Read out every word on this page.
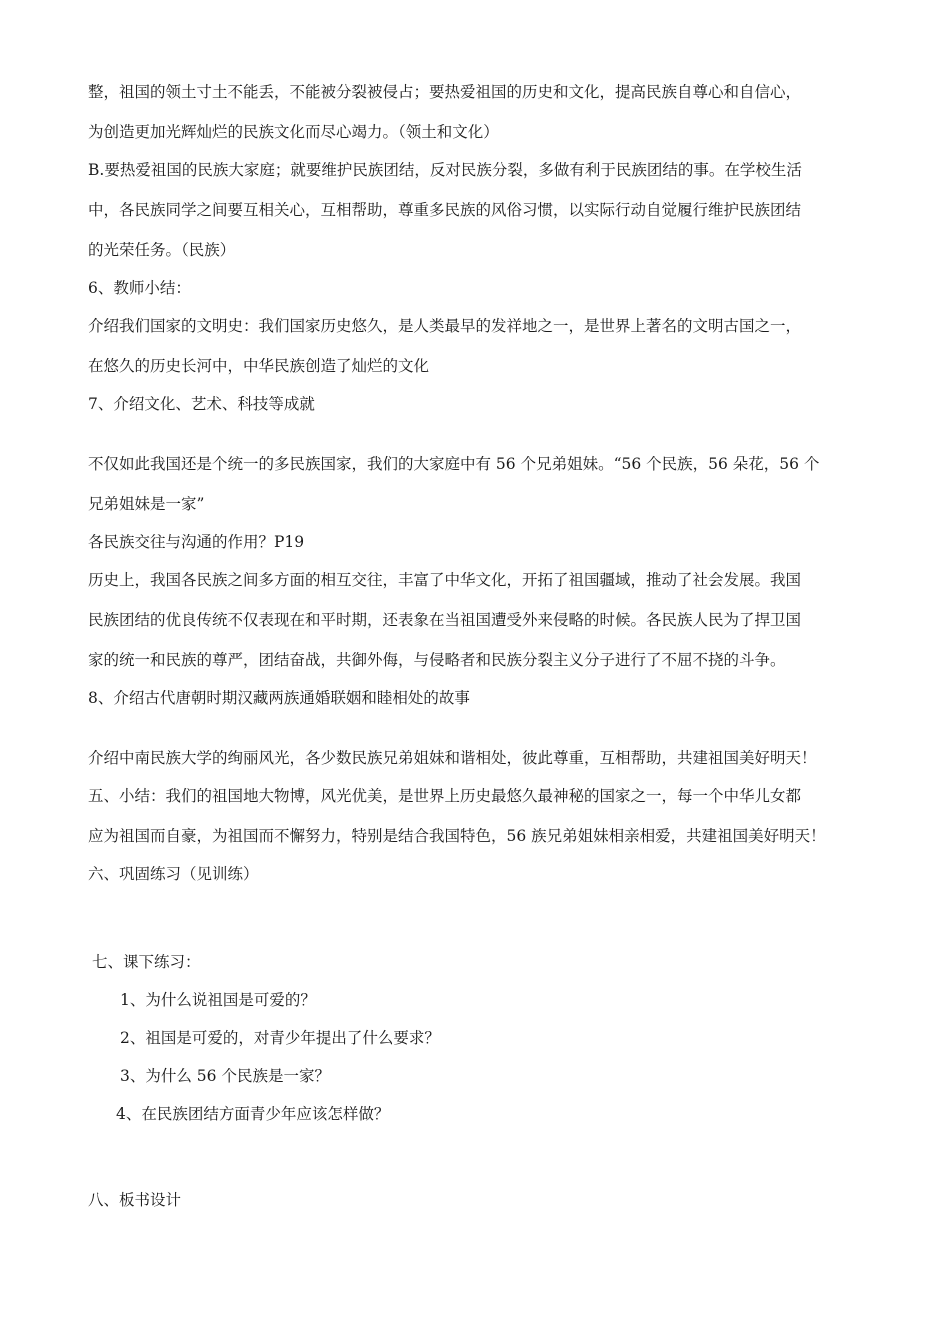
整，祖国的领土寸土不能丢，不能被分裂被侵占；要热爱祖国的历史和文化，提高民族自尊心和自信心，
为创造更加光辉灿烂的民族文化而尽心竭力。（领土和文化）
B.要热爱祖国的民族大家庭；就要维护民族团结，反对民族分裂，多做有利于民族团结的事。在学校生活
中，各民族同学之间要互相关心，互相帮助，尊重多民族的风俗习惯，以实际行动自觉履行维护民族团结
的光荣任务。（民族）
6、教师小结：
介绍我们国家的文明史：我们国家历史悠久，是人类最早的发祥地之一，是世界上著名的文明古国之一，
在悠久的历史长河中，中华民族创造了灿烂的文化
7、介绍文化、艺术、科技等成就
不仅如此我国还是个统一的多民族国家，我们的大家庭中有 56 个兄弟姐妹。“56 个民族，56 朵花，56 个
兄弟姐妹是一家”
各民族交往与沟通的作用？P19
历史上，我国各民族之间多方面的相互交往，丰富了中华文化，开拓了祖国疆域，推动了社会发展。我国
民族团结的优良传统不仅表现在和平时期，还表象在当祖国遭受外来侵略的时候。各民族人民为了捍卫国
家的统一和民族的尊严，团结奋战，共御外侮，与侵略者和民族分裂主义分子进行了不屈不挠的斗争。
8、介绍古代唐朝时期汉藏两族通婚联姻和睦相处的故事
介绍中南民族大学的绚丽风光，各少数民族兄弟姐妹和谐相处，彼此尊重，互相帮助，共建祖国美好明天！
五、小结：我们的祖国地大物博，风光优美，是世界上历史最悠久最神秘的国家之一，每一个中华儿女都
应为祖国而自豪，为祖国而不懈努力，特别是结合我国特色，56 族兄弟姐妹相亲相爱，共建祖国美好明天！
六、巩固练习（见训练）
七、课下练习：
1、为什么说祖国是可爱的？
2、祖国是可爱的，对青少年提出了什么要求？
3、为什么 56 个民族是一家？
4、在民族团结方面青少年应该怎样做？
八、板书设计
